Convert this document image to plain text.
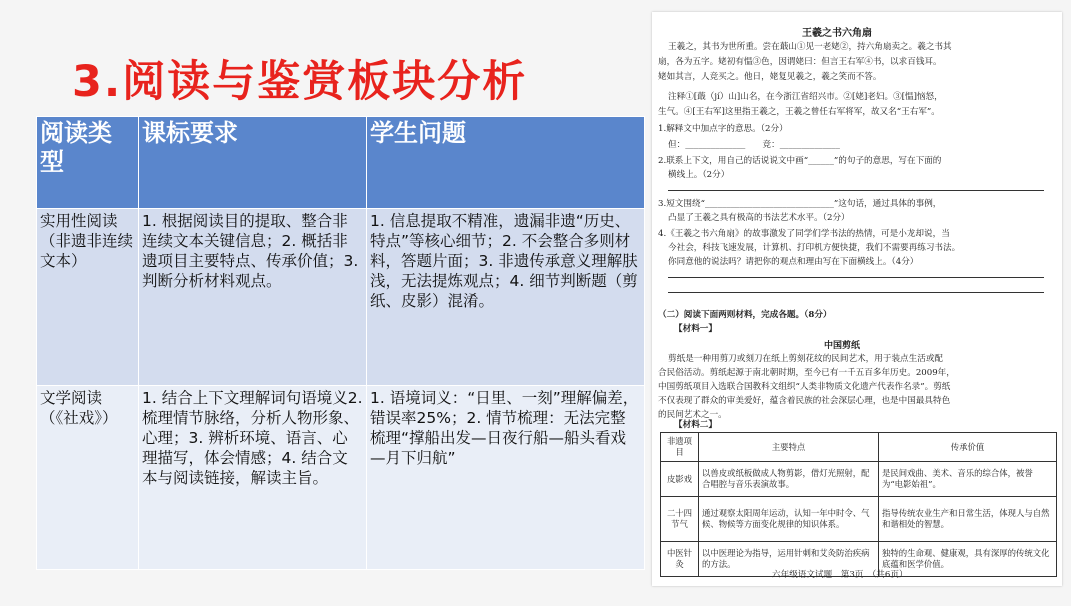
3.阅读与鉴赏板块分析
阅读类型	课标要求	学生问题
实用性阅读（非遗非连续文本）	1. 根据阅读目的提取、整合非连续文本关键信息；2. 概括非遗项目主要特点、传承价值；3. 判断分析材料观点。	1. 信息提取不精准，遗漏非遗“历史、特点”等核心细节；2. 不会整合多则材料，答题片面；3. 非遗传承意义理解肤浅，无法提炼观点；4. 细节判断题（剪纸、皮影）混淆。
文学阅读（《社戏》）	1. 结合上下文理解词句语境义2. 梳理情节脉络，分析人物形象、心理；3. 辨析环境、语言、心理描写，体会情感；4. 结合文本与阅读链接，解读主旨。	1. 语境词义：“日里、一刻”理解偏差，错误率25%；2. 情节梳理：无法完整梳理“撑船出发—日夜行船—船头看戏—月下归航”
王羲之书六角扇
王羲之，其书为世所重。尝在蕺山①见一老姥②，持六角扇卖之。羲之书其
扇，各为五字。姥初有愠③色，因谓姥曰：但言王右军④书，以求百钱耳。
姥如其言，人竞买之。他日，姥复见羲之，羲之笑而不答。
注释①[蕺（jí）山]山名，在今浙江省绍兴市。②[姥]老妇。③[愠]恼怒，
生气。④[王右军]这里指王羲之，王羲之曾任右军将军，故又名“王右军”。
1.解释文中加点字的意思。（2分）
但：______________　　竞：______________
2.联系上下文，用自己的话说说文中画“______”的句子的意思，写在下面的
横线上。（2分）
3.短文围绕“______________________________”这句话，通过具体的事例，
凸显了王羲之具有极高的书法艺术水平。（2分）
4.《王羲之书六角扇》的故事激发了同学们学书法的热情，可是小龙却说，当
今社会，科技飞速发展，计算机、打印机方便快捷，我们不需要再练习书法。
你同意他的说法吗？请把你的观点和理由写在下面横线上。（4分）
（二）阅读下面两则材料，完成各题。（8分）
【材料一】
中国剪纸
剪纸是一种用剪刀或刻刀在纸上剪刻花纹的民间艺术，用于装点生活或配
合民俗活动。剪纸起源于南北朝时期，至今已有一千五百多年历史。2009年，
中国剪纸项目入选联合国教科文组织“人类非物质文化遗产代表作名录”。剪纸
不仅表现了群众的审美爱好，蕴含着民族的社会深层心理，也是中国最具特色
的民间艺术之一。
【材料二】
非遗项目	主要特点	传承价值
皮影戏	以兽皮或纸板做成人物剪影，借灯光照射，配合唱腔与音乐表演故事。	是民间戏曲、美术、音乐的综合体，被誉为“电影始祖”。
二十四节气	通过观察太阳周年运动，认知一年中时令、气候、物候等方面变化规律的知识体系。	指导传统农业生产和日常生活，体现人与自然和谐相处的智慧。
中医针灸	以中医理论为指导，运用针刺和艾灸防治疾病的方法。	独特的生命观、健康观，具有深厚的传统文化底蕴和医学价值。
六年级语文试题　第3页　（共6页）
